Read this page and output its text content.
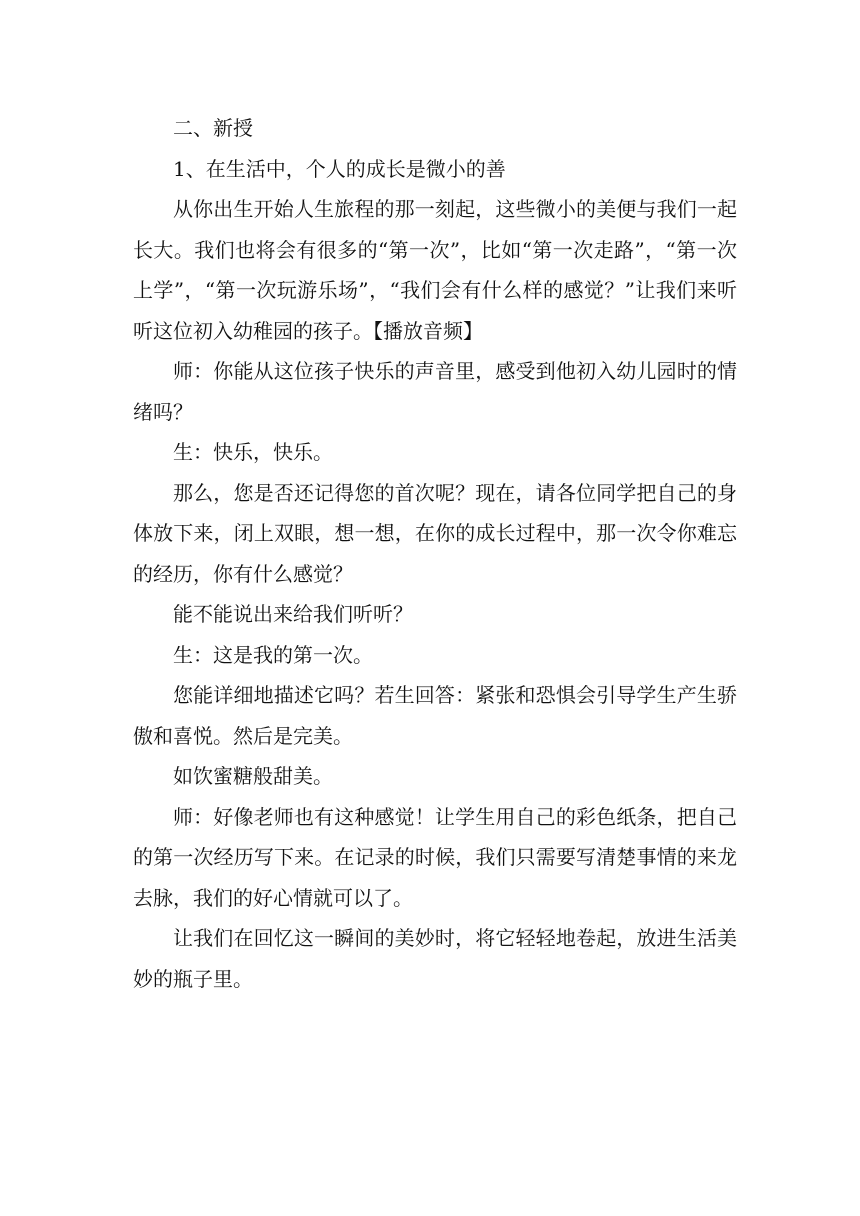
二、新授

1、在生活中，个人的成长是微小的善

从你出生开始人生旅程的那一刻起，这些微小的美便与我们一起长大。我们也将会有很多的“第一次”，比如“第一次走路”，“第一次上学”，“第一次玩游乐场”，“我们会有什么样的感觉？”让我们来听听这位初入幼稚园的孩子。【播放音频】

师：你能从这位孩子快乐的声音里，感受到他初入幼儿园时的情绪吗？

生：快乐，快乐。

那么，您是否还记得您的首次呢？现在，请各位同学把自己的身体放下来，闭上双眼，想一想，在你的成长过程中，那一次令你难忘的经历，你有什么感觉？

能不能说出来给我们听听？

生：这是我的第一次。

您能详细地描述它吗？若生回答：紧张和恐惧会引导学生产生骄傲和喜悦。然后是完美。

如饮蜜糖般甜美。

师：好像老师也有这种感觉！让学生用自己的彩色纸条，把自己的第一次经历写下来。在记录的时候，我们只需要写清楚事情的来龙去脉，我们的好心情就可以了。

让我们在回忆这一瞬间的美妙时，将它轻轻地卷起，放进生活美妙的瓶子里。
